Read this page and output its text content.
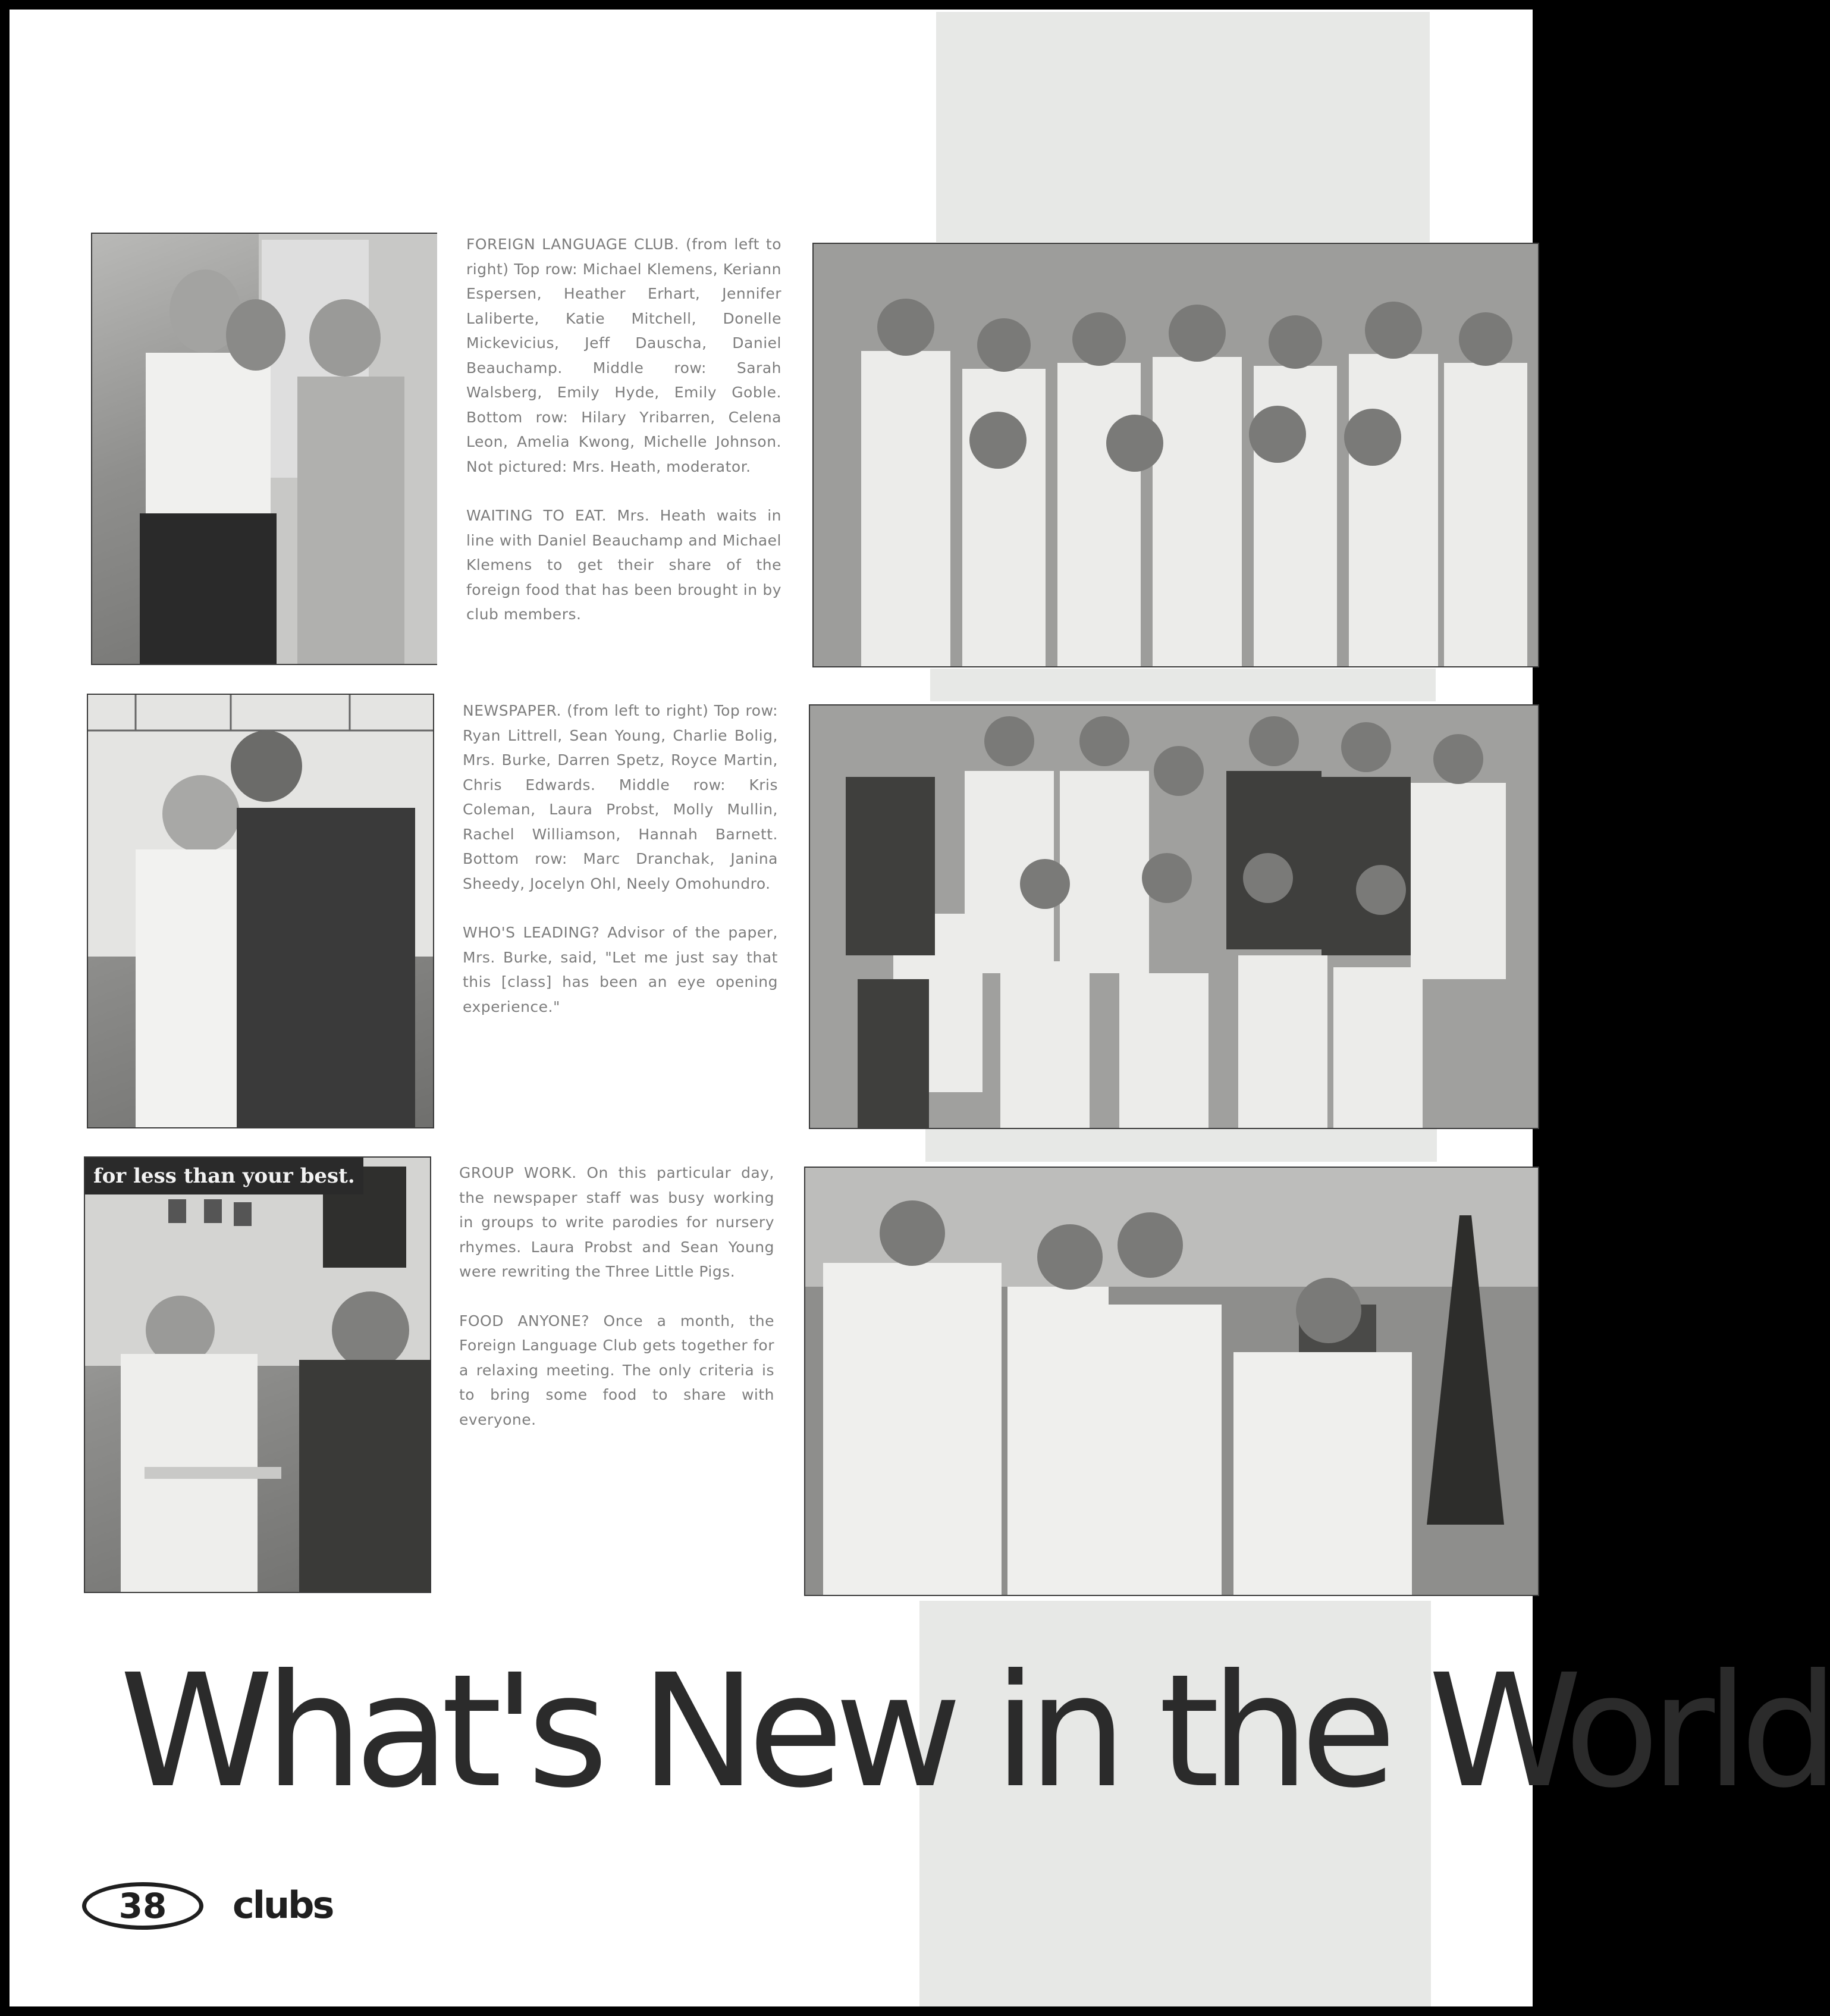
for less than your best.

FOREIGN LANGUAGE CLUB. (from left to right) Top row: Michael Klemens, Keriann Espersen, Heather Erhart, Jennifer Laliberte, Katie Mitchell, Donelle Mickevicius, Jeff Dauscha, Daniel Beauchamp. Middle row: Sarah Walsberg, Emily Hyde, Emily Goble. Bottom row: Hilary Yribarren, Celena Leon, Amelia Kwong, Michelle Johnson. Not pictured: Mrs. Heath, moderator.

WAITING TO EAT. Mrs. Heath waits in line with Daniel Beauchamp and Michael Klemens to get their share of the foreign food that has been brought in by club members.

NEWSPAPER. (from left to right) Top row: Ryan Littrell, Sean Young, Charlie Bolig, Mrs. Burke, Darren Spetz, Royce Martin, Chris Edwards. Middle row: Kris Coleman, Laura Probst, Molly Mullin, Rachel Williamson, Hannah Barnett. Bottom row: Marc Dranchak, Janina Sheedy, Jocelyn Ohl, Neely Omohundro.

WHO'S LEADING? Advisor of the paper, Mrs. Burke, said, "Let me just say that this [class] has been an eye opening experience."

GROUP WORK. On this particular day, the newspaper staff was busy working in groups to write parodies for nursery rhymes. Laura Probst and Sean Young were rewriting the Three Little Pigs.

FOOD ANYONE? Once a month, the Foreign Language Club gets together for a relaxing meeting. The only criteria is to bring some food to share with everyone.

What's New in the World
38 clubs
